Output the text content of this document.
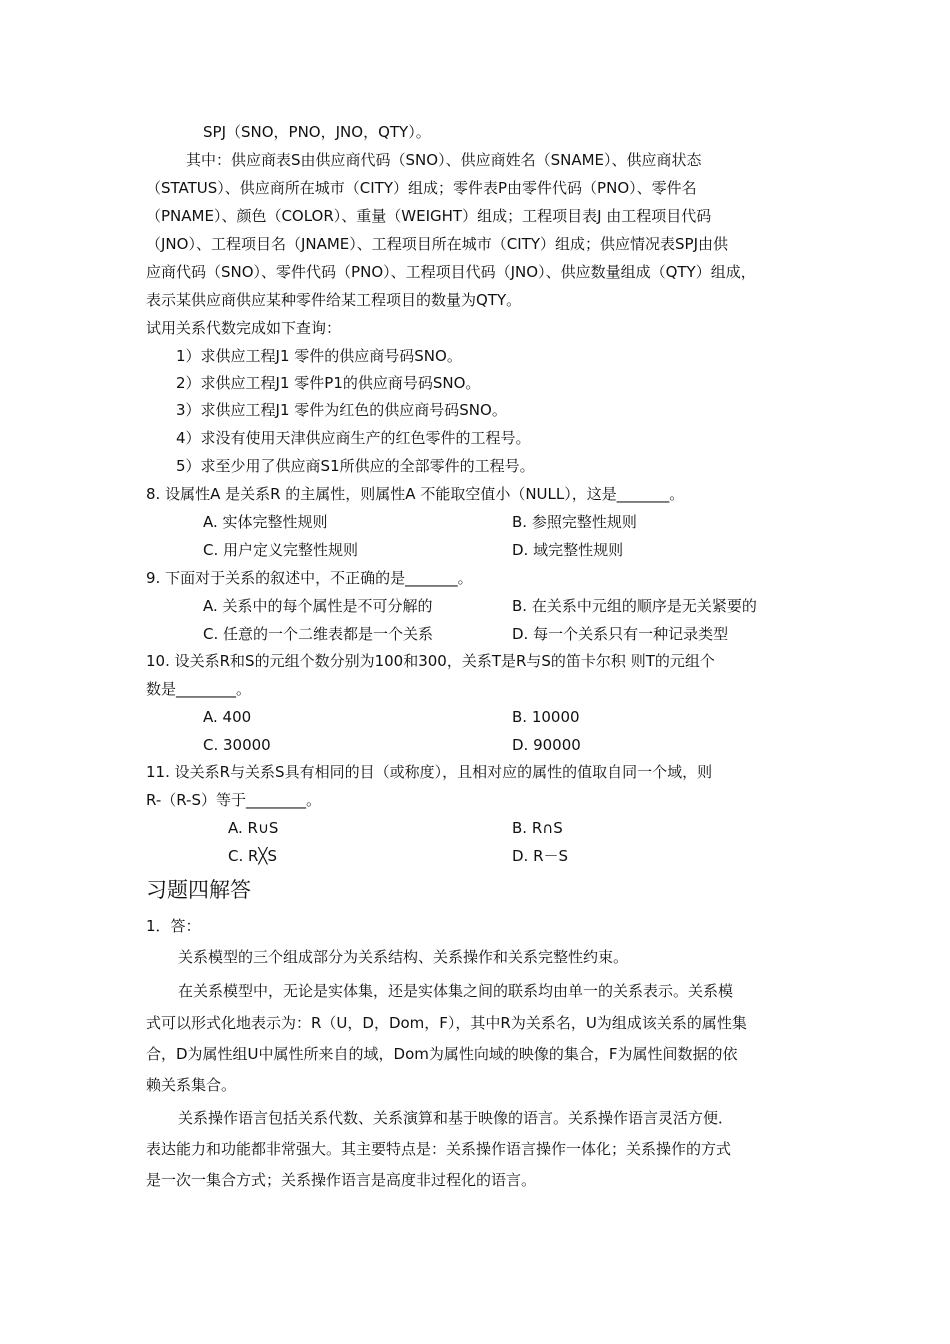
SPJ（SNO，PNO，JNO，QTY）。
其中：供应商表S由供应商代码（SNO）、供应商姓名（SNAME）、供应商状态
（STATUS）、供应商所在城市（CITY）组成；零件表P由零件代码（PNO）、零件名
（PNAME）、颜色（COLOR）、重量（WEIGHT）组成；工程项目表J 由工程项目代码
（JNO）、工程项目名（JNAME）、工程项目所在城市（CITY）组成；供应情况表SPJ由供
应商代码（SNO）、零件代码（PNO）、工程项目代码（JNO）、供应数量组成（QTY）组成，
表示某供应商供应某种零件给某工程项目的数量为QTY。
试用关系代数完成如下查询：
1）求供应工程J1 零件的供应商号码SNO。
2）求供应工程J1 零件P1的供应商号码SNO。
3）求供应工程J1 零件为红色的供应商号码SNO。
4）求没有使用天津供应商生产的红色零件的工程号。
5）求至少用了供应商S1所供应的全部零件的工程号。
8. 设属性A 是关系R 的主属性，则属性A 不能取空值小（NULL），这是_______。
A. 实体完整性规则	B. 参照完整性规则
C. 用户定义完整性规则	D. 域完整性规则
9. 下面对于关系的叙述中，不正确的是_______。
A. 关系中的每个属性是不可分解的	B. 在关系中元组的顺序是无关紧要的
C. 任意的一个二维表都是一个关系	D. 每一个关系只有一种记录类型
10. 设关系R和S的元组个数分别为100和300，关系T是R与S的笛卡尔积 则T的元组个
数是________。
A. 400	B. 10000
C. 30000	D. 90000
11. 设关系R与关系S具有相同的目（或称度），且相对应的属性的值取自同一个域，则
R-（R-S）等于________。
A. R∪S	B. R∩S
C. R╳S	D. R－S
习题四解答
1．答：
关系模型的三个组成部分为关系结构、关系操作和关系完整性约束。
在关系模型中，无论是实体集，还是实体集之间的联系均由单一的关系表示。关系模
式可以形式化地表示为：R（U，D，Dom，F），其中R为关系名，U为组成该关系的属性集
合，D为属性组U中属性所来自的域，Dom为属性向域的映像的集合，F为属性间数据的依
赖关系集合。
关系操作语言包括关系代数、关系演算和基于映像的语言。关系操作语言灵活方便．
表达能力和功能都非常强大。其主要特点是：关系操作语言操作一体化；关系操作的方式
是一次一集合方式；关系操作语言是高度非过程化的语言。
